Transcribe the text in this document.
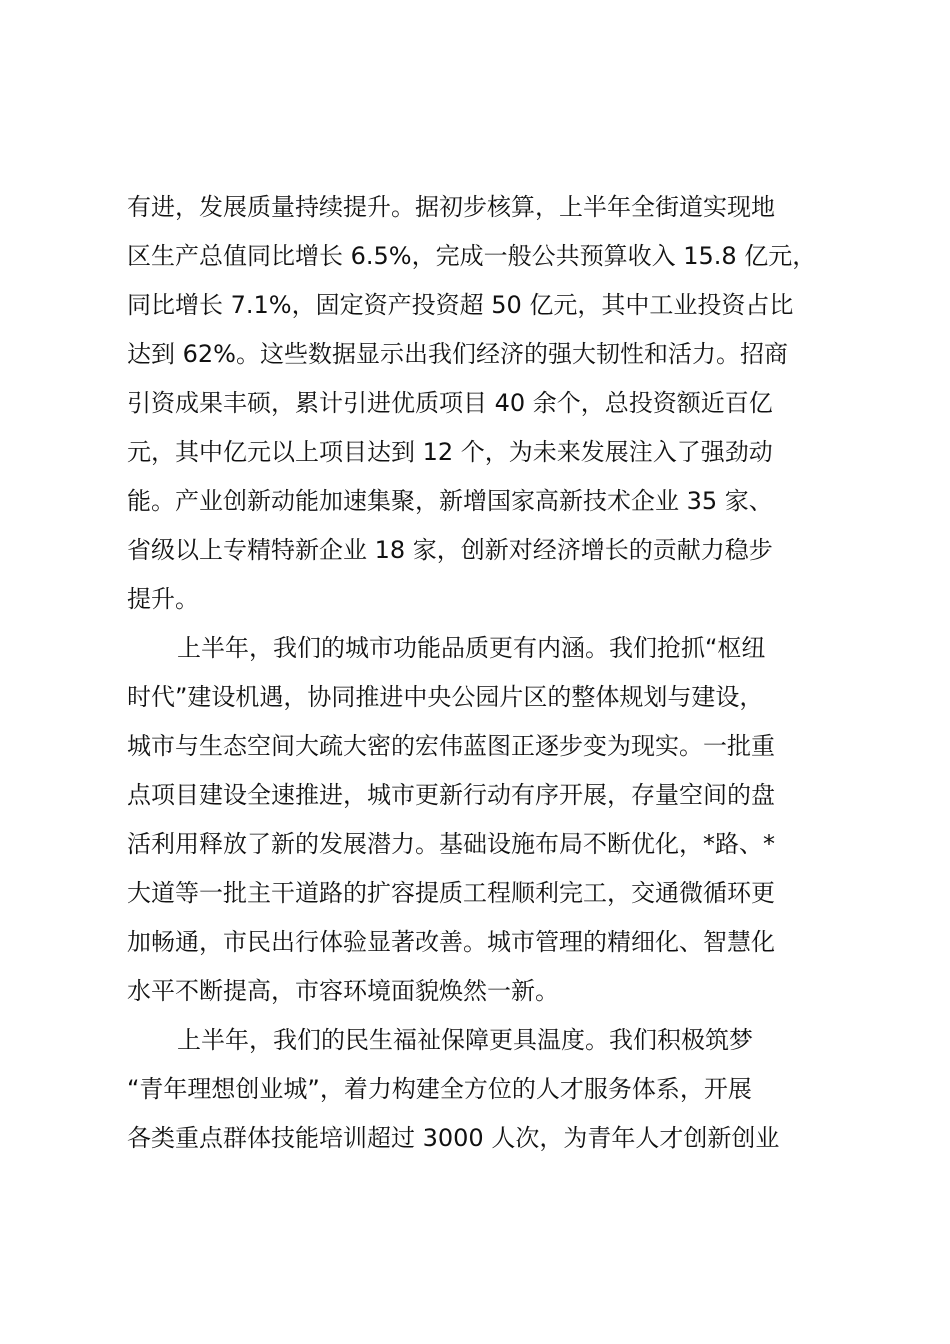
有进，发展质量持续提升。据初步核算，上半年全街道实现地
区生产总值同比增长 6.5%，完成一般公共预算收入 15.8 亿元，
同比增长 7.1%，固定资产投资超 50 亿元，其中工业投资占比
达到 62%。这些数据显示出我们经济的强大韧性和活力。招商
引资成果丰硕，累计引进优质项目 40 余个，总投资额近百亿
元，其中亿元以上项目达到 12 个，为未来发展注入了强劲动
能。产业创新动能加速集聚，新增国家高新技术企业 35 家、
省级以上专精特新企业 18 家，创新对经济增长的贡献力稳步
提升。
上半年，我们的城市功能品质更有内涵。我们抢抓“枢纽
时代”建设机遇，协同推进中央公园片区的整体规划与建设，
城市与生态空间大疏大密的宏伟蓝图正逐步变为现实。一批重
点项目建设全速推进，城市更新行动有序开展，存量空间的盘
活利用释放了新的发展潜力。基础设施布局不断优化，*路、*
大道等一批主干道路的扩容提质工程顺利完工，交通微循环更
加畅通，市民出行体验显著改善。城市管理的精细化、智慧化
水平不断提高，市容环境面貌焕然一新。
上半年，我们的民生福祉保障更具温度。我们积极筑梦
“青年理想创业城”，着力构建全方位的人才服务体系，开展
各类重点群体技能培训超过 3000 人次，为青年人才创新创业
